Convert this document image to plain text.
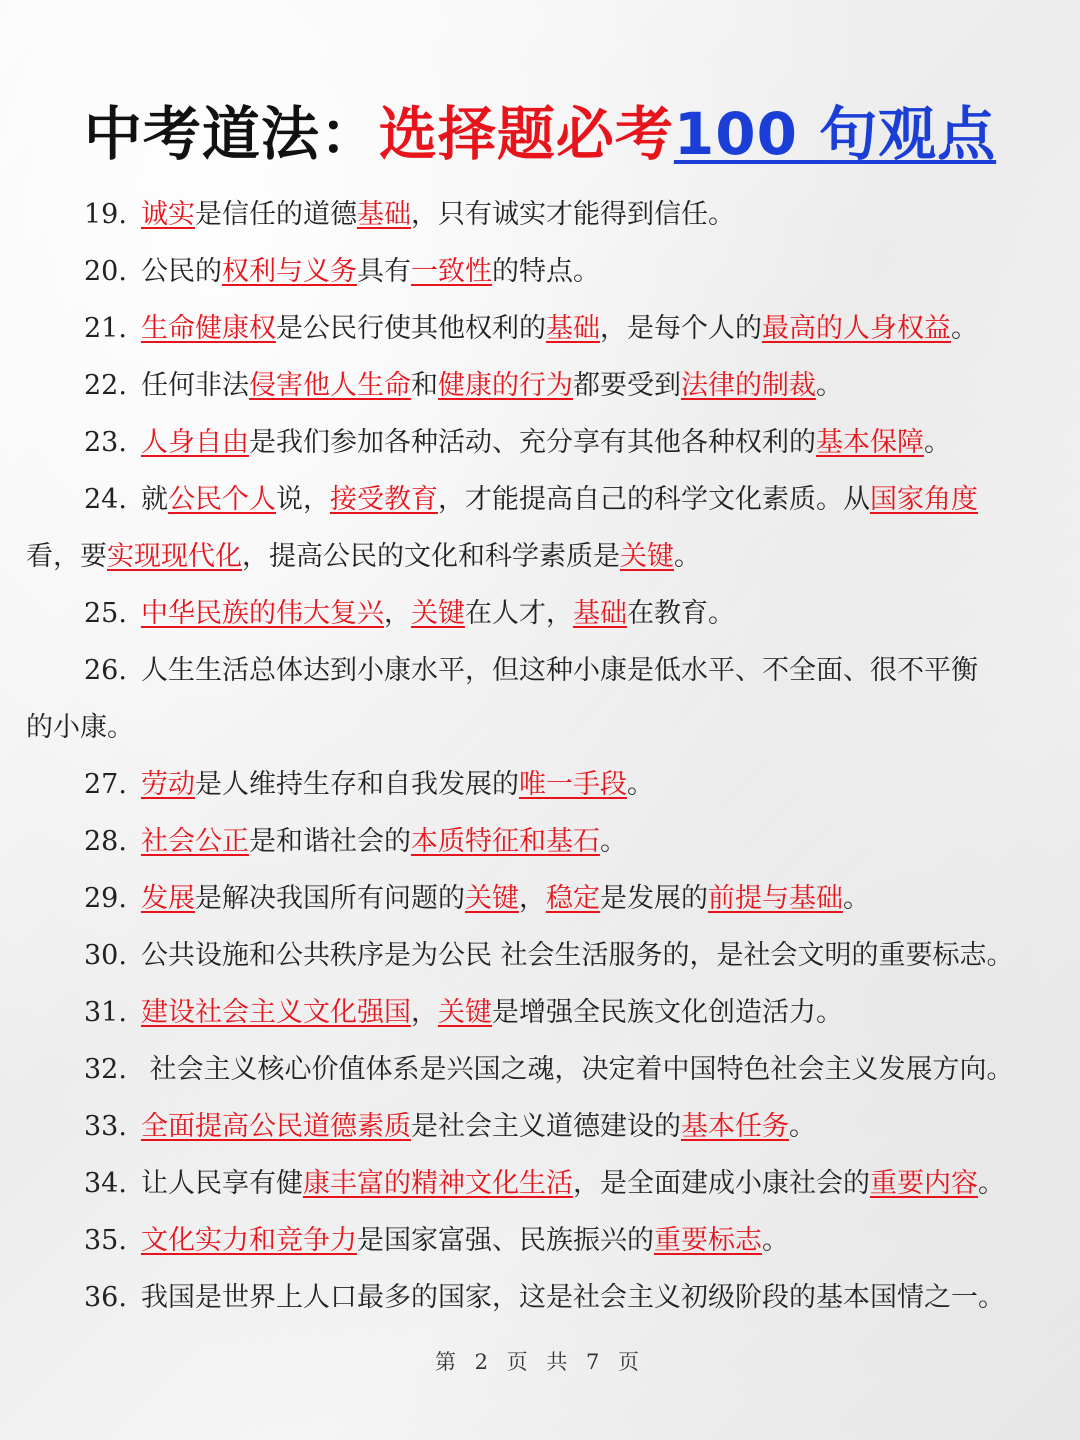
中考道法：选择题必考100 句观点
19. 诚实是信任的道德基础，只有诚实才能得到信任。
20. 公民的权利与义务具有一致性的特点。
21. 生命健康权是公民行使其他权利的基础，是每个人的最高的人身权益。
22. 任何非法侵害他人生命和健康的行为都要受到法律的制裁。
23. 人身自由是我们参加各种活动、充分享有其他各种权利的基本保障。
24. 就公民个人说，接受教育，才能提高自己的科学文化素质。从国家角度
看，要实现现代化，提高公民的文化和科学素质是关键。
25. 中华民族的伟大复兴，关键在人才，基础在教育。
26. 人生生活总体达到小康水平，但这种小康是低水平、不全面、很不平衡
的小康。
27. 劳动是人维持生存和自我发展的唯一手段。
28. 社会公正是和谐社会的本质特征和基石。
29. 发展是解决我国所有问题的关键，稳定是发展的前提与基础。
30. 公共设施和公共秩序是为公民 社会生活服务的，是社会文明的重要标志。
31. 建设社会主义文化强国，关键是增强全民族文化创造活力。
32. 社会主义核心价值体系是兴国之魂，决定着中国特色社会主义发展方向。
33. 全面提高公民道德素质是社会主义道德建设的基本任务。
34. 让人民享有健康丰富的精神文化生活，是全面建成小康社会的重要内容。
35. 文化实力和竞争力是国家富强、民族振兴的重要标志。
36. 我国是世界上人口最多的国家，这是社会主义初级阶段的基本国情之一。
第 2 页 共 7 页
